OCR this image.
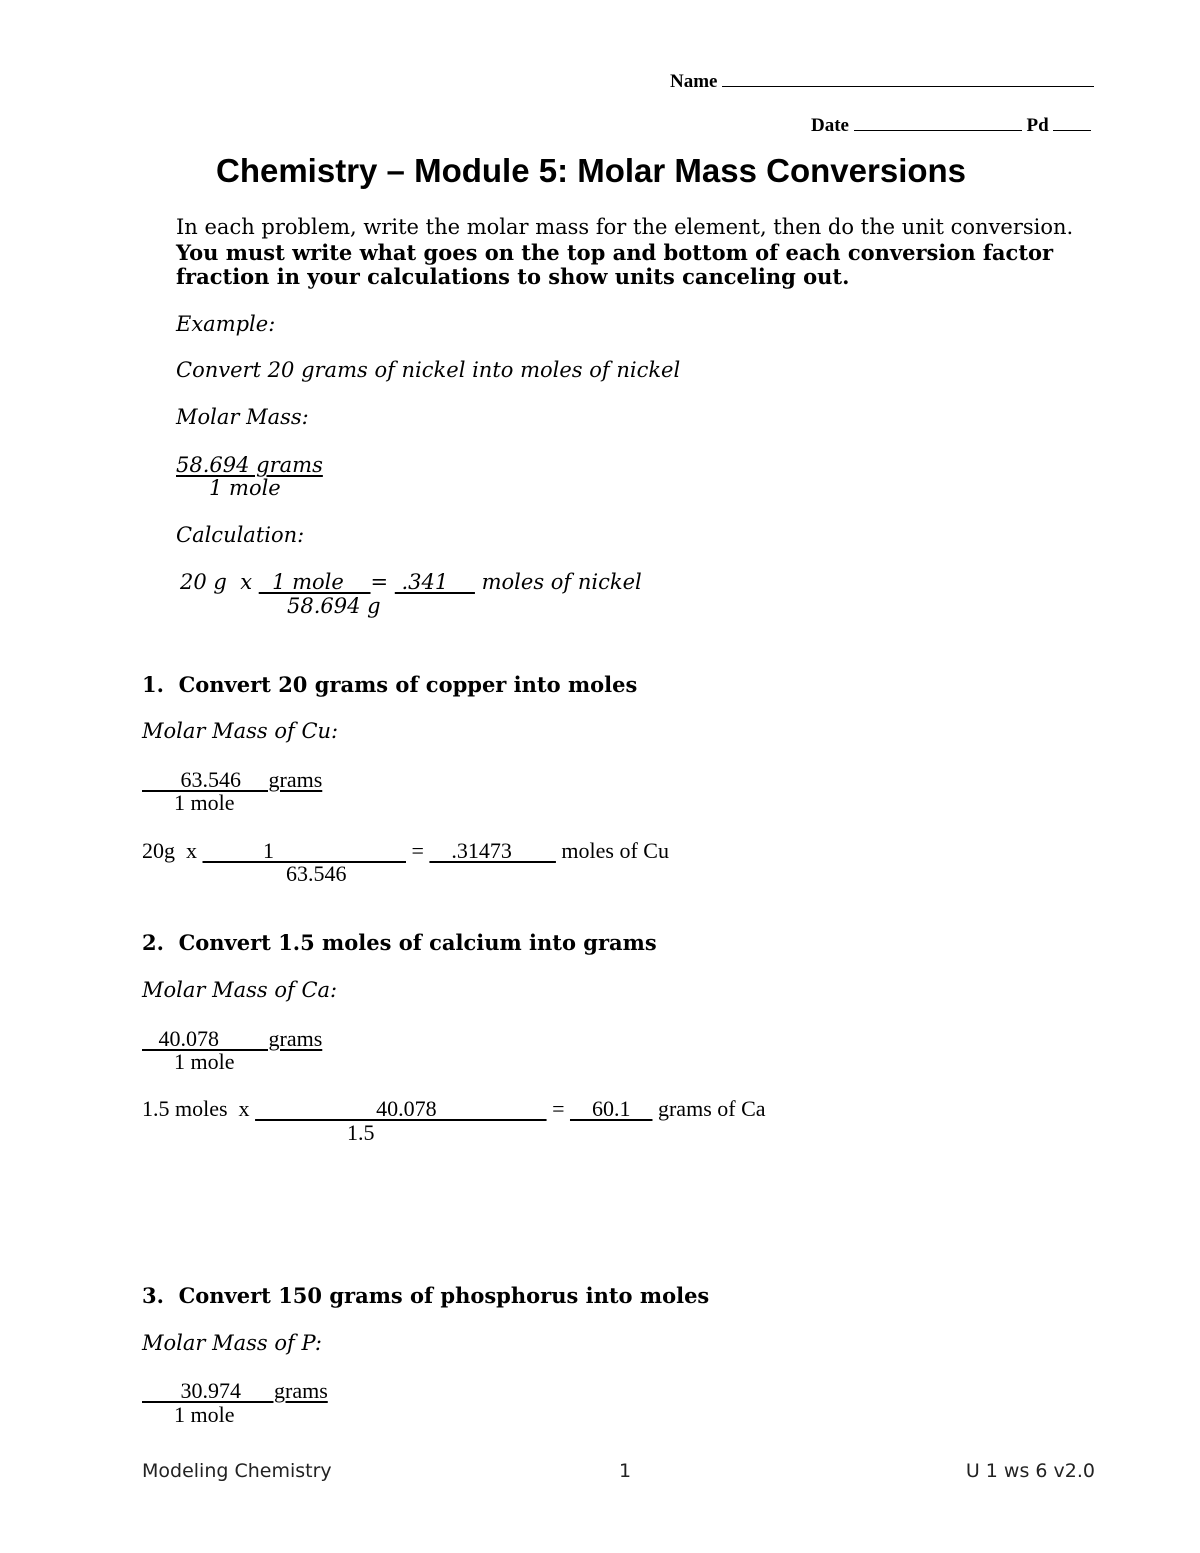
Name
Date	Pd
Chemistry – Module 5: Molar Mass Conversions
In each problem, write the molar mass for the element, then do the unit conversion.
You must write what goes on the top and bottom of each conversion factor
fraction in your calculations to show units canceling out.
Example:
Convert 20 grams of nickel into moles of nickel
Molar Mass:
58.694 grams
1 mole
Calculation:
20 g  x   1 mole    =  .341     moles of nickel
58.694 g
1. Convert 20 grams of copper into moles
Molar Mass of Cu:
63.546     grams
1 mole
20g  x            1                         =     .31473         moles of Cu
63.546
2. Convert 1.5 moles of calcium into grams
Molar Mass of Ca:
40.078         grams
1 mole
1.5 moles  x                       40.078                     =     60.1     grams of Ca
1.5
3. Convert 150 grams of phosphorus into moles
Molar Mass of P:
30.974      grams
1 mole
Modeling Chemistry	1	U 1 ws 6 v2.0
